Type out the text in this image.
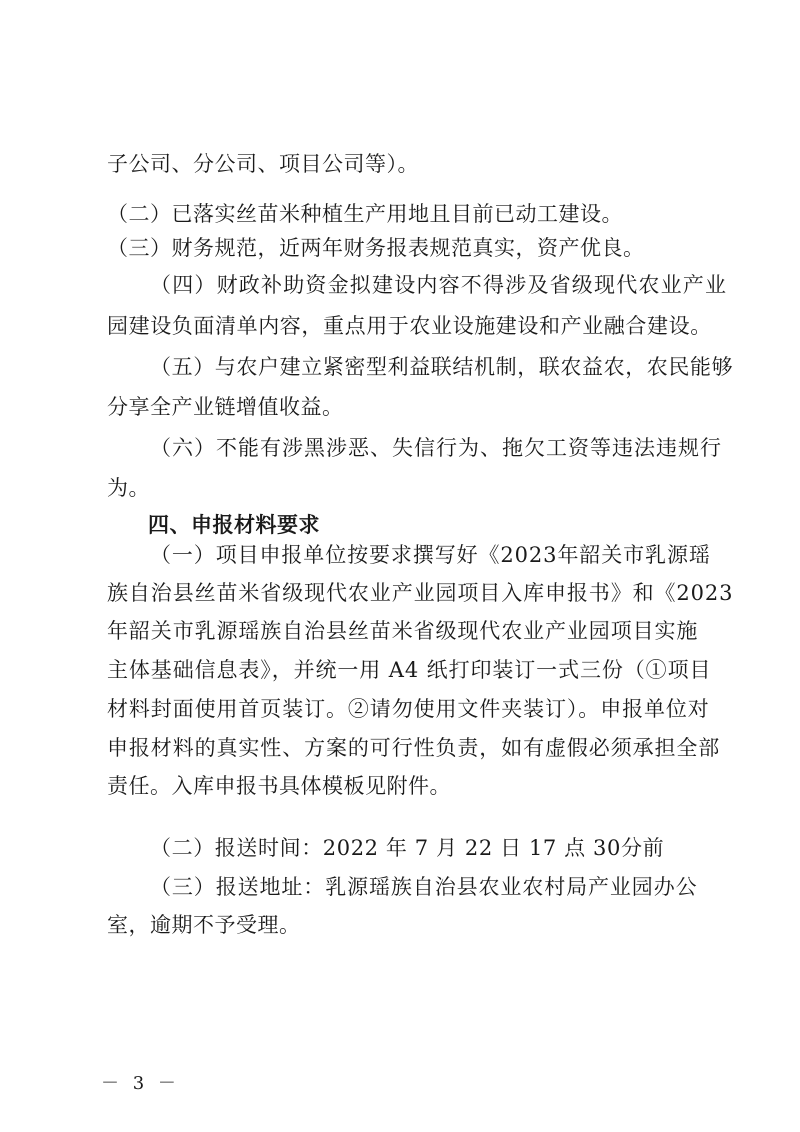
子公司、分公司、项目公司等）。

（二）已落实丝苗米种植生产用地且目前已动工建设。

（三）财务规范，近两年财务报表规范真实，资产优良。

（四）财政补助资金拟建设内容不得涉及省级现代农业产业

园建设负面清单内容，重点用于农业设施建设和产业融合建设。

（五）与农户建立紧密型利益联结机制，联农益农，农民能够

分享全产业链增值收益。

（六）不能有涉黑涉恶、失信行为、拖欠工资等违法违规行

为。

四、申报材料要求

（一）项目申报单位按要求撰写好《2023年韶关市乳源瑶

族自治县丝苗米省级现代农业产业园项目入库申报书》和《2023

年韶关市乳源瑶族自治县丝苗米省级现代农业产业园项目实施

主体基础信息表》，并统一用 A4 纸打印装订一式三份（①项目

材料封面使用首页装订。②请勿使用文件夹装订）。申报单位对

申报材料的真实性、方案的可行性负责，如有虚假必须承担全部

责任。入库申报书具体模板见附件。

（二）报送时间：2022 年 7 月 22 日 17 点 30分前

（三）报送地址：乳源瑶族自治县农业农村局产业园办公

室，逾期不予受理。

－ 3 －
